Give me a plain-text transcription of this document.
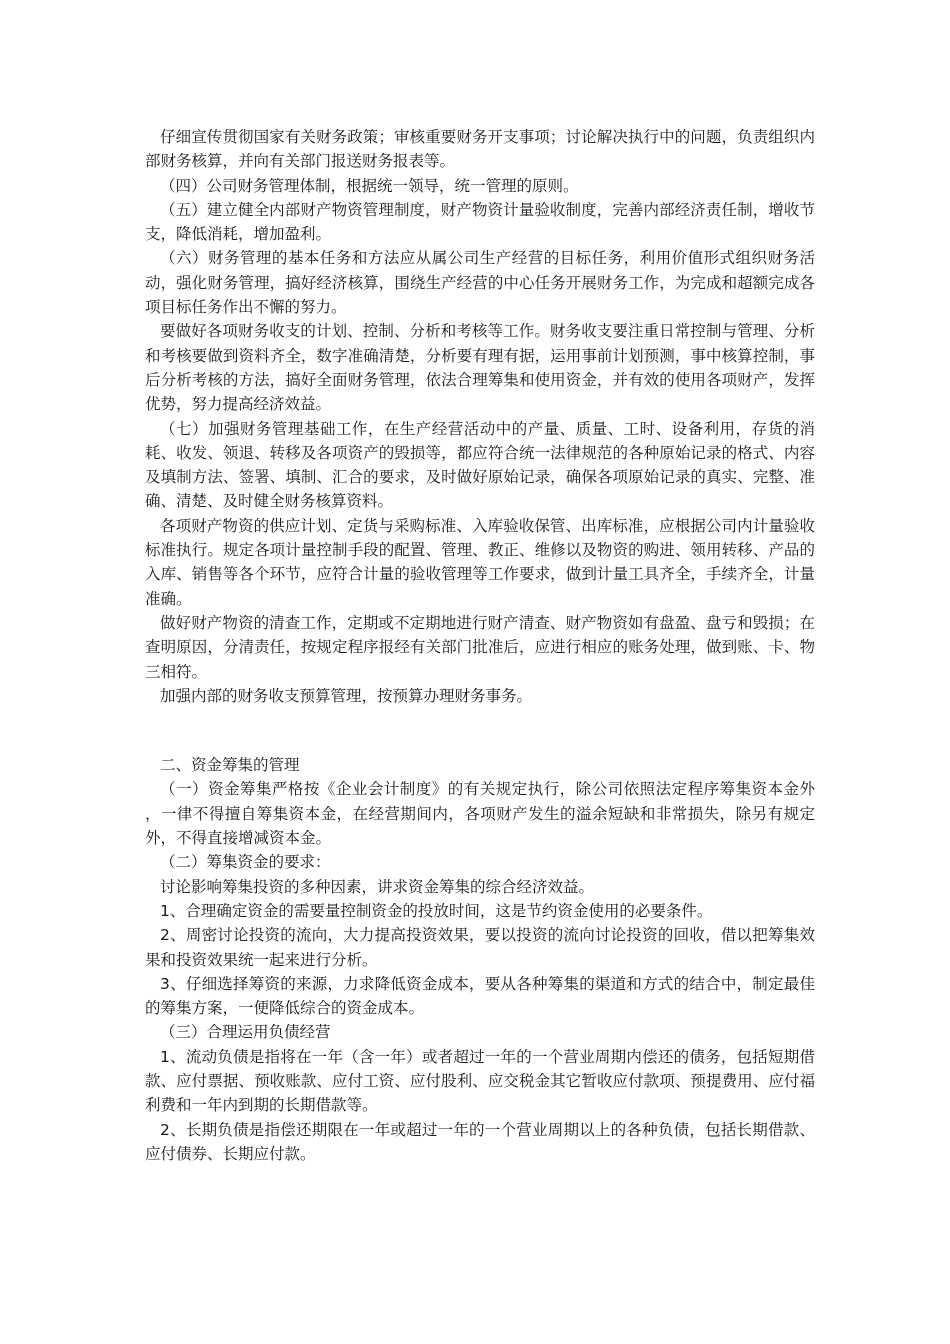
仔细宣传贯彻国家有关财务政策；审核重要财务开支事项；讨论解决执行中的问题，负责组织内部财务核算，并向有关部门报送财务报表等。

（四）公司财务管理体制，根据统一领导，统一管理的原则。

（五）建立健全内部财产物资管理制度，财产物资计量验收制度，完善内部经济责任制，增收节支，降低消耗，增加盈利。

（六）财务管理的基本任务和方法应从属公司生产经营的目标任务，利用价值形式组织财务活动，强化财务管理，搞好经济核算，围绕生产经营的中心任务开展财务工作，为完成和超额完成各项目标任务作出不懈的努力。

要做好各项财务收支的计划、控制、分析和考核等工作。财务收支要注重日常控制与管理、分析和考核要做到资料齐全，数字准确清楚，分析要有理有据，运用事前计划预测，事中核算控制，事后分析考核的方法，搞好全面财务管理，依法合理筹集和使用资金，并有效的使用各项财产，发挥优势，努力提高经济效益。

（七）加强财务管理基础工作，在生产经营活动中的产量、质量、工时、设备利用，存货的消耗、收发、领退、转移及各项资产的毁损等，都应符合统一法律规范的各种原始记录的格式、内容及填制方法、签署、填制、汇合的要求，及时做好原始记录，确保各项原始记录的真实、完整、准确、清楚、及时健全财务核算资料。

各项财产物资的供应计划、定货与采购标准、入库验收保管、出库标准，应根据公司内计量验收标准执行。规定各项计量控制手段的配置、管理、教正、维修以及物资的购进、领用转移、产品的入库、销售等各个环节，应符合计量的验收管理等工作要求，做到计量工具齐全，手续齐全，计量准确。

做好财产物资的清查工作，定期或不定期地进行财产清查、财产物资如有盘盈、盘亏和毁损；在查明原因，分清责任，按规定程序报经有关部门批准后，应进行相应的账务处理，做到账、卡、物三相符。

加强内部的财务收支预算管理，按预算办理财务事务。

二、资金筹集的管理

（一）资金筹集严格按《企业会计制度》的有关规定执行，除公司依照法定程序筹集资本金外 ，一律不得擅自筹集资本金，在经营期间内，各项财产发生的溢余短缺和非常损失，除另有规定外，不得直接增减资本金。

（二）筹集资金的要求：

讨论影响筹集投资的多种因素，讲求资金筹集的综合经济效益。

1、合理确定资金的需要量控制资金的投放时间，这是节约资金使用的必要条件。

2、周密讨论投资的流向，大力提高投资效果，要以投资的流向讨论投资的回收，借以把筹集效果和投资效果统一起来进行分析。

3、仔细选择筹资的来源，力求降低资金成本，要从各种筹集的渠道和方式的结合中，制定最佳的筹集方案，一便降低综合的资金成本。

（三）合理运用负债经营

1、流动负债是指将在一年（含一年）或者超过一年的一个营业周期内偿还的债务，包括短期借款、应付票据、预收账款、应付工资、应付股利、应交税金其它暂收应付款项、预提费用、应付福利费和一年内到期的长期借款等。

2、长期负债是指偿还期限在一年或超过一年的一个营业周期以上的各种负债，包括长期借款、应付债券、长期应付款。
